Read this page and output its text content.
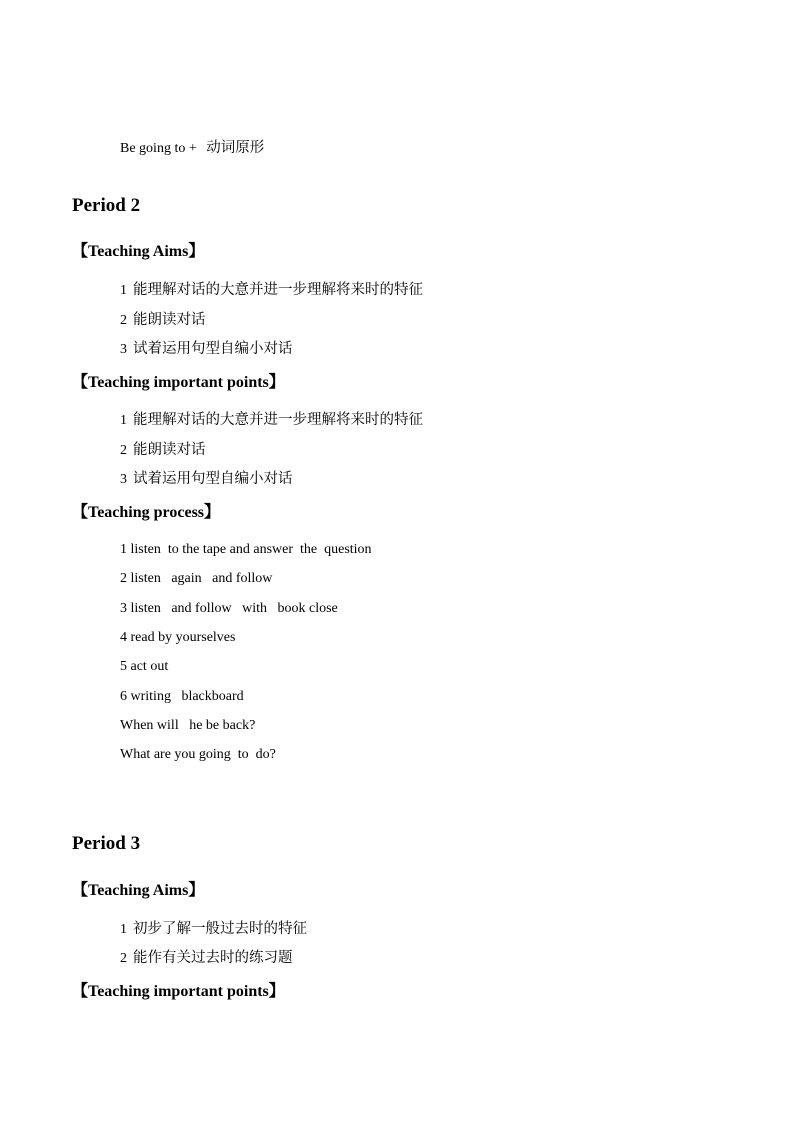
Be going to + 动词原形
Period 2
【Teaching Aims】
1 能理解对话的大意并进一步理解将来时的特征
2 能朗读对话
3 试着运用句型自编小对话
【Teaching important points】
1 能理解对话的大意并进一步理解将来时的特征
2 能朗读对话
3 试着运用句型自编小对话
【Teaching process】
1 listen  to the tape and answer  the  question
2 listen   again   and follow
3 listen   and follow   with   book close
4 read by yourselves
5 act out
6 writing   blackboard
When will   he be back?
What are you going  to  do?
Period 3
【Teaching Aims】
1 初步了解一般过去时的特征
2 能作有关过去时的练习题
【Teaching important points】
